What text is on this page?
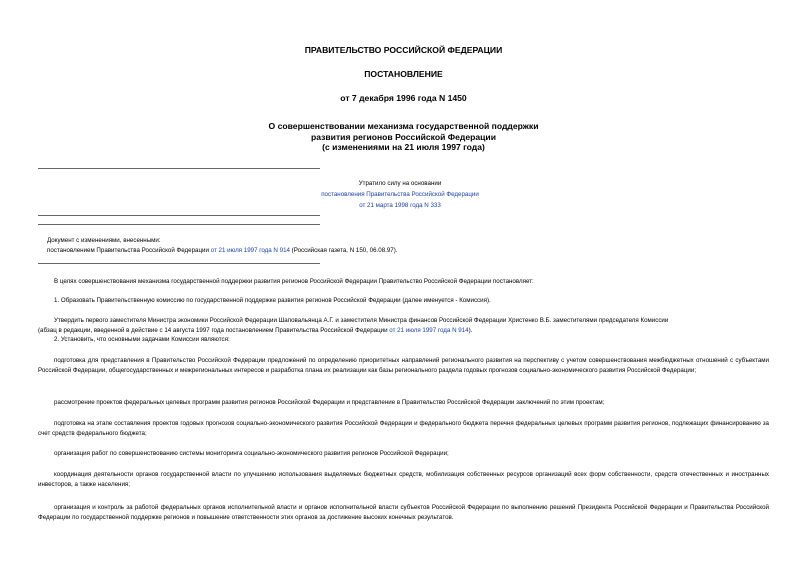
ПРАВИТЕЛЬСТВО РОССИЙСКОЙ ФЕДЕРАЦИИ
ПОСТАНОВЛЕНИЕ
от 7 декабря 1996 года N 1450
О совершенствовании механизма государственной поддержки
развития регионов Российской Федерации
(с изменениями на 21 июля 1997 года)
Утратило силу на основании
постановления Правительства Российской Федерации
от 21 марта 1998 года N 333
Документ с изменениями, внесенными:
постановлением Правительства Российской Федерации от 21 июля 1997 года N 914 (Российская газета, N 150, 06.08.97).
В целях совершенствования механизма государственной поддержки развития регионов Российской Федерации Правительство Российской Федерации постановляет:
1. Образовать Правительственную комиссию по государственной поддержке развития регионов Российской Федерации (далее именуется - Комиссия).
Утвердить первого заместителя Министра экономики Российской Федерации Шаповальянца А.Г. и заместителя Министра финансов Российской Федерации Христенко В.Б. заместителями председателя Комиссии
(абзац в редакции, введенной в действие с 14 августа 1997 года постановлением Правительства Российской Федерации от 21 июля 1997 года N 914).
2. Установить, что основными задачами Комиссии являются:
подготовка для представления в Правительство Российской Федерации предложений по определению приоритетных направлений регионального развития на перспективу с учетом совершенствования межбюджетных отношений с субъектами Российской Федерации, общегосударственных и межрегиональных интересов и разработка плана их реализации как базы регионального раздела годовых прогнозов социально-экономического развития Российской Федерации;
рассмотрение проектов федеральных целевых программ развития регионов Российской Федерации и представление в Правительство Российской Федерации заключений по этим проектам;
подготовка на этапе составления проектов годовых прогнозов социально-экономического развития Российской Федерации и федерального бюджета перечня федеральных целевых программ развития регионов, подлежащих финансированию за счет средств федерального бюджета;
организация работ по совершенствованию системы мониторинга социально-экономического развития регионов Российской Федерации;
координация деятельности органов государственной власти по улучшению использования выделяемых бюджетных средств, мобилизация собственных ресурсов организаций всех форм собственности, средств отечественных и иностранных инвесторов, а также населения;
организация и контроль за работой федеральных органов исполнительной власти и органов исполнительной власти субъектов Российской Федерации по выполнению решений Президента Российской Федерации и Правительства Российской Федерации по государственной поддержке регионов и повышение ответственности этих органов за достижение высоких конечных результатов.
